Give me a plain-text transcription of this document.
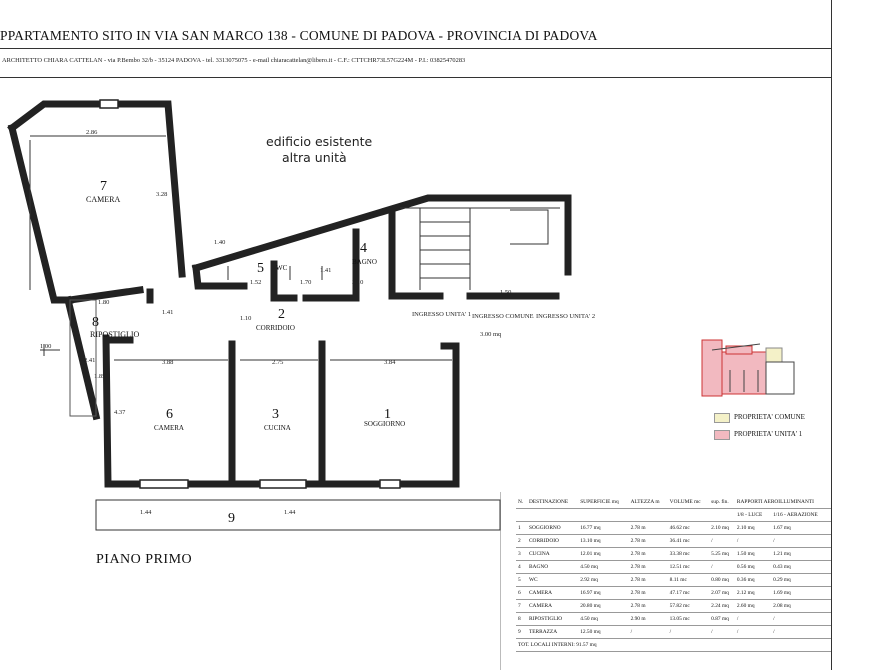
PPARTAMENTO SITO IN VIA SAN MARCO 138 - COMUNE DI PADOVA - PROVINCIA DI PADOVA
ARCHITETTO CHIARA CATTELAN - via P.Bembo 32/b - 35124 PADOVA - tel. 3313075075 - e-mail chiaracattelan@libero.it - C.F.: CTTCHR73L57G224M - P.I.: 03825470283
edificio esistente
altra unità
7
CAMERA
5 WC
4
BAGNO
2
CORRIDOIO
8
RIPOSTIGLIO
6
CAMERA
3
CUCINA
1
SOGGIORNO
9
INGRESSO UNITA' 1 INGRESSO COMUNE
3.00 mq
INGRESSO UNITA' 2
2.86
3.28
1.52	1.70
1.41
2.10
1.50
1.10
3.88	2.75	3.84
4.37
1.44	1.44
1.41
1.40
2.41
1.85
1.00
1.80
PROPRIETA' COMUNE
PROPRIETA' UNITA' 1
PIANO PRIMO
N.	DESTINAZIONE	SUPERFICIE mq	ALTEZZA m	VOLUME mc	sup. fin.	RAPPORTI AEROILLUMINANTI	
						1/8 - LUCE	1/16 - AERAZIONE
1	SOGGIORNO	16.77 mq	2.78 m	46.62 mc	2.10 mq	2.10 mq	1.67 mq
2	CORRIDOIO	13.10 mq	2.78 m	36.41 mc	/	/	/
3	CUCINA	12.01 mq	2.78 m	33.38 mc	5.25 mq	1.50 mq	1.21 mq
4	BAGNO	4.50 mq	2.78 m	12.51 mc	/	0.56 mq	0.43 mq
5	WC	2.92 mq	2.78 m	8.11 mc	0.80 mq	0.36 mq	0.29 mq
6	CAMERA	16.97 mq	2.78 m	47.17 mc	2.07 mq	2.12 mq	1.69 mq
7	CAMERA	20.80 mq	2.78 m	57.82 mc	2.24 mq	2.60 mq	2.08 mq
8	RIPOSTIGLIO	4.50 mq	2.90 m	13.05 mc	0.87 mq	/	/
9	TERRAZZA	12.50 mq	/	/	/	/	/
TOT. LOCALI INTERNI: 91.57 mq							
